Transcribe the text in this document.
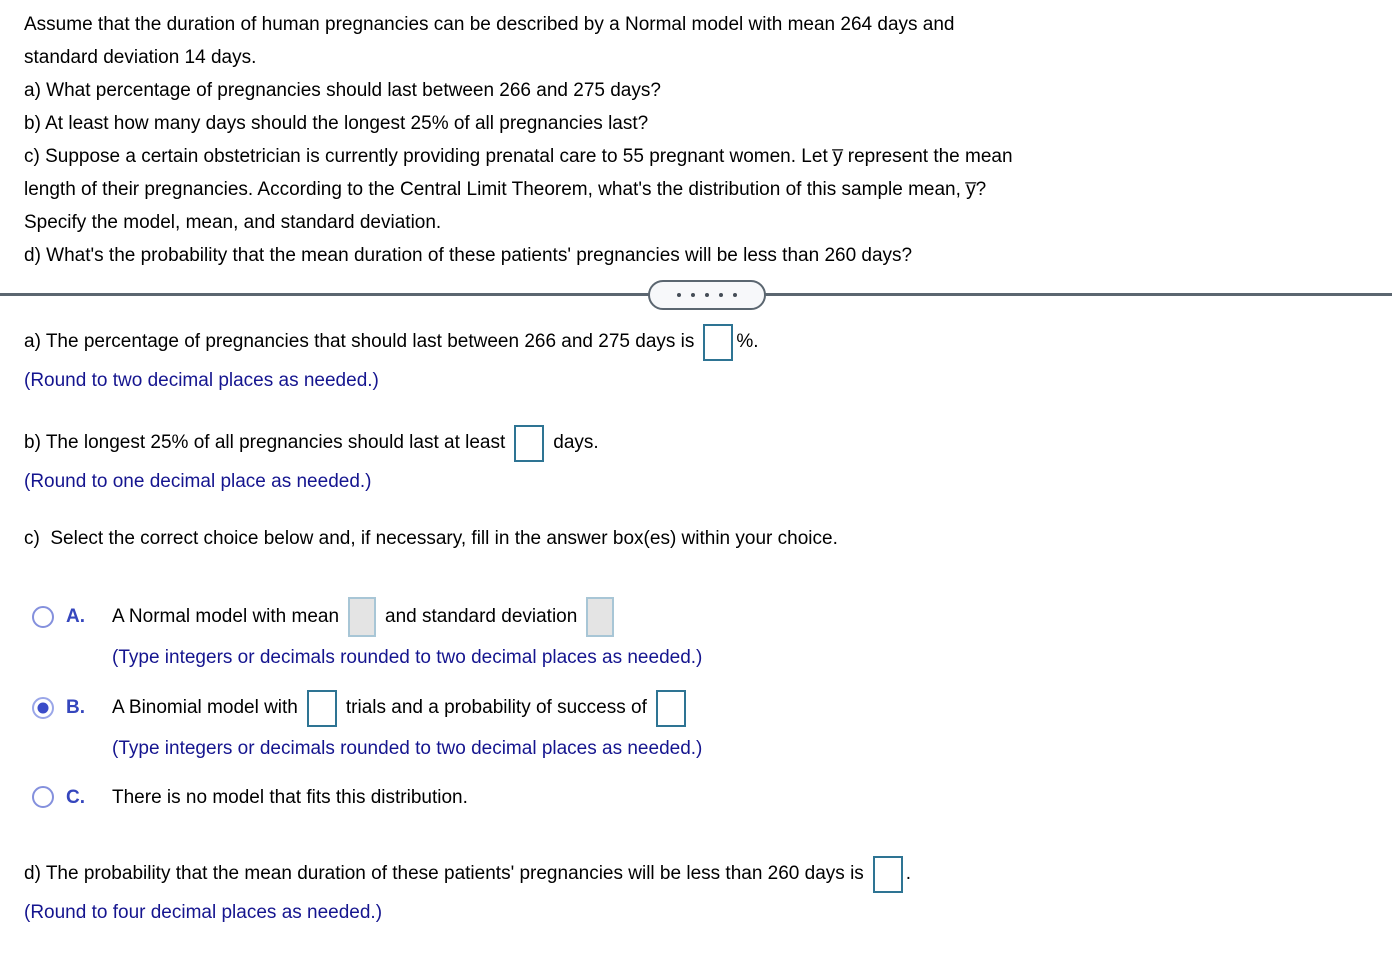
Assume that the duration of human pregnancies can be described by a Normal model with mean 264 days and
standard deviation 14 days.
a) What percentage of pregnancies should last between 266 and 275 days?
b) At least how many days should the longest 25% of all pregnancies last?
c) Suppose a certain obstetrician is currently providing prenatal care to 55 pregnant women. Let y̅ represent the mean
length of their pregnancies. According to the Central Limit Theorem, what's the distribution of this sample mean, y̅?
Specify the model, mean, and standard deviation.
d) What's the probability that the mean duration of these patients' pregnancies will be less than 260 days?
a) The percentage of pregnancies that should last between 266 and 275 days is %.
(Round to two decimal places as needed.)
b) The longest 25% of all pregnancies should last at least	days.
(Round to one decimal place as needed.)
c)  Select the correct choice below and, if necessary, fill in the answer box(es) within your choice.
A.	A Normal model with mean and standard deviation
(Type integers or decimals rounded to two decimal places as needed.)
B.	A Binomial model with	trials and a probability of success of
(Type integers or decimals rounded to two decimal places as needed.)
C.	There is no model that fits this distribution.
d) The probability that the mean duration of these patients' pregnancies will be less than 260 days is .
(Round to four decimal places as needed.)
